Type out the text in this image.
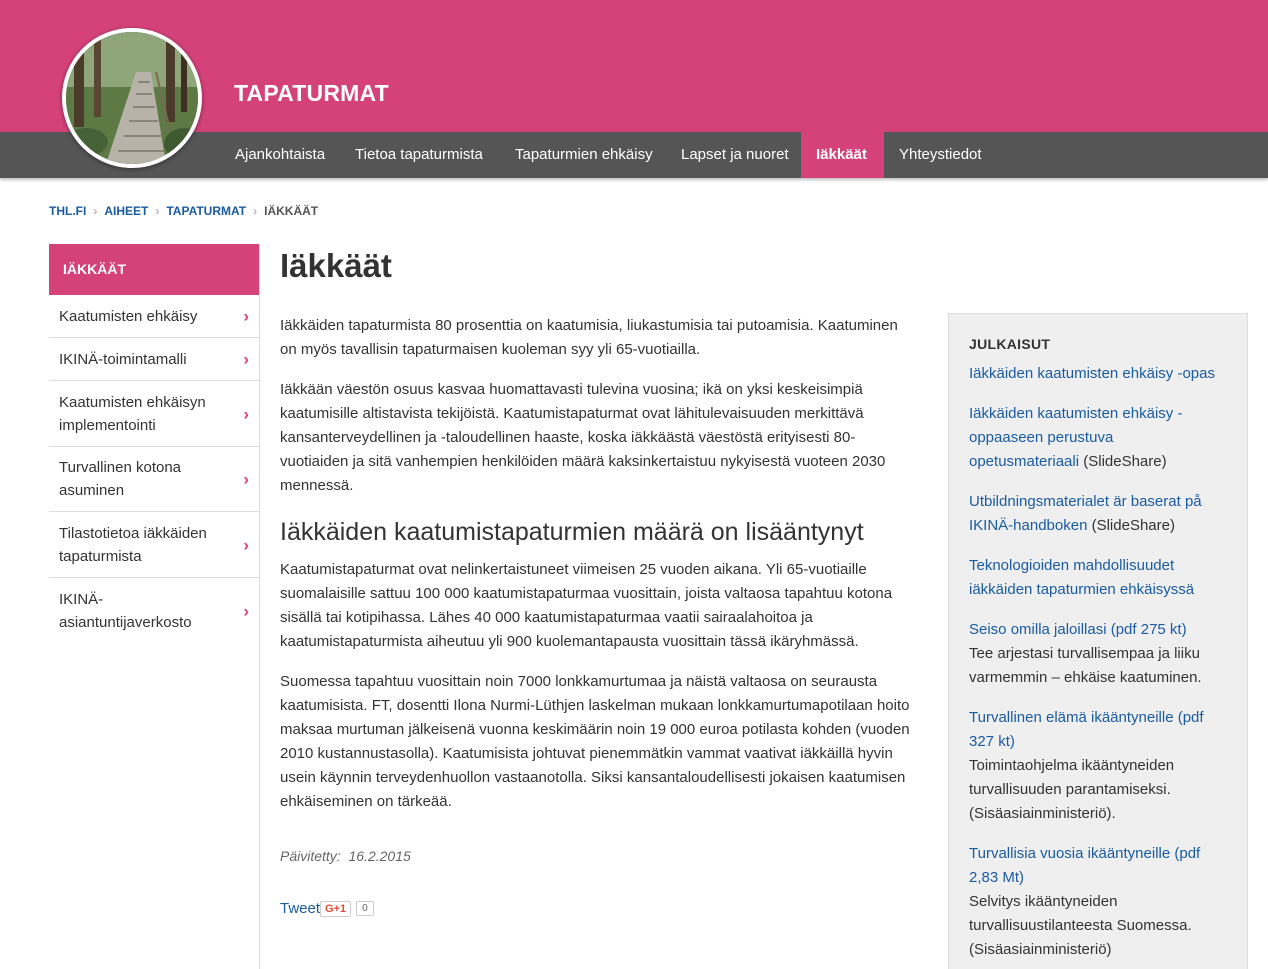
TAPATURMAT
Ajankohtaista	Tietoa tapaturmista	Tapaturmien ehkäisy	Lapset ja nuoret	Iäkkäät	Yhteystiedot
THL.FI › AIHEET › TAPATURMAT › IÄKKÄÄT
IÄKKÄÄT
Kaatumisten ehkäisy	›
IKINÄ-toimintamalli	›
Kaatumisten ehkäisyn implementointi
›
Turvallinen kotona asuminen
›
Tilastotietoa iäkkäiden tapaturmista
›
IKINÄ-asiantuntijaverkosto
›
Iäkkäät

Iäkkäiden tapaturmista 80 prosenttia on kaatumisia, liukastumisia tai putoamisia. Kaatuminen on myös tavallisin tapaturmaisen kuoleman syy yli 65-vuotiailla.

Iäkkään väestön osuus kasvaa huomattavasti tulevina vuosina; ikä on yksi keskeisimpiä kaatumisille altistavista tekijöistä. Kaatumistapaturmat ovat lähitulevaisuuden merkittävä kansanterveydellinen ja -taloudellinen haaste, koska iäkkäästä väestöstä erityisesti 80-vuotiaiden ja sitä vanhempien henkilöiden määrä kaksinkertaistuu nykyisestä vuoteen 2030 mennessä.

Iäkkäiden kaatumistapaturmien määrä on lisääntynyt

Kaatumistapaturmat ovat nelinkertaistuneet viimeisen 25 vuoden aikana. Yli 65-vuotiaille suomalaisille sattuu 100 000 kaatumistapaturmaa vuosittain, joista valtaosa tapahtuu kotona sisällä tai kotipihassa. Lähes 40 000 kaatumistapaturmaa vaatii sairaalahoitoa ja kaatumistapaturmista aiheutuu yli 900 kuolemantapausta vuosittain tässä ikäryhmässä.

Suomessa tapahtuu vuosittain noin 7000 lonkkamurtumaa ja näistä valtaosa on seurausta kaatumisista. FT, dosentti Ilona Nurmi-Lüthjen laskelman mukaan lonkkamurtumapotilaan hoito maksaa murtuman jälkeisenä vuonna keskimäärin noin 19 000 euroa potilasta kohden (vuoden 2010 kustannustasolla). Kaatumisista johtuvat pienemmätkin vammat vaativat iäkkäillä hyvin usein käynnin terveydenhuollon vastaanotolla. Siksi kansantaloudellisesti jokaisen kaatumisen ehkäiseminen on tärkeää.

Päivitetty: 16.2.2015
Tweet G+1	0
JULKAISUT
Iäkkäiden kaatumisten ehkäisy -opas
Iäkkäiden kaatumisten ehkäisy -oppaaseen perustuva opetusmateriaali (SlideShare)
Utbildningsmaterialet är baserat på IKINÄ-handboken (SlideShare)
Teknologioiden mahdollisuudet iäkkäiden tapaturmien ehkäisyssä
Seiso omilla jaloillasi (pdf 275 kt)
Tee arjestasi turvallisempaa ja liiku varmemmin – ehkäise kaatuminen.
Turvallinen elämä ikääntyneille (pdf 327 kt)
Toimintaohjelma ikääntyneiden turvallisuuden parantamiseksi. (Sisäasiainministeriö).
Turvallisia vuosia ikääntyneille (pdf 2,83 Mt)
Selvitys ikääntyneiden turvallisuustilanteesta Suomessa. (Sisäasiainministeriö)
